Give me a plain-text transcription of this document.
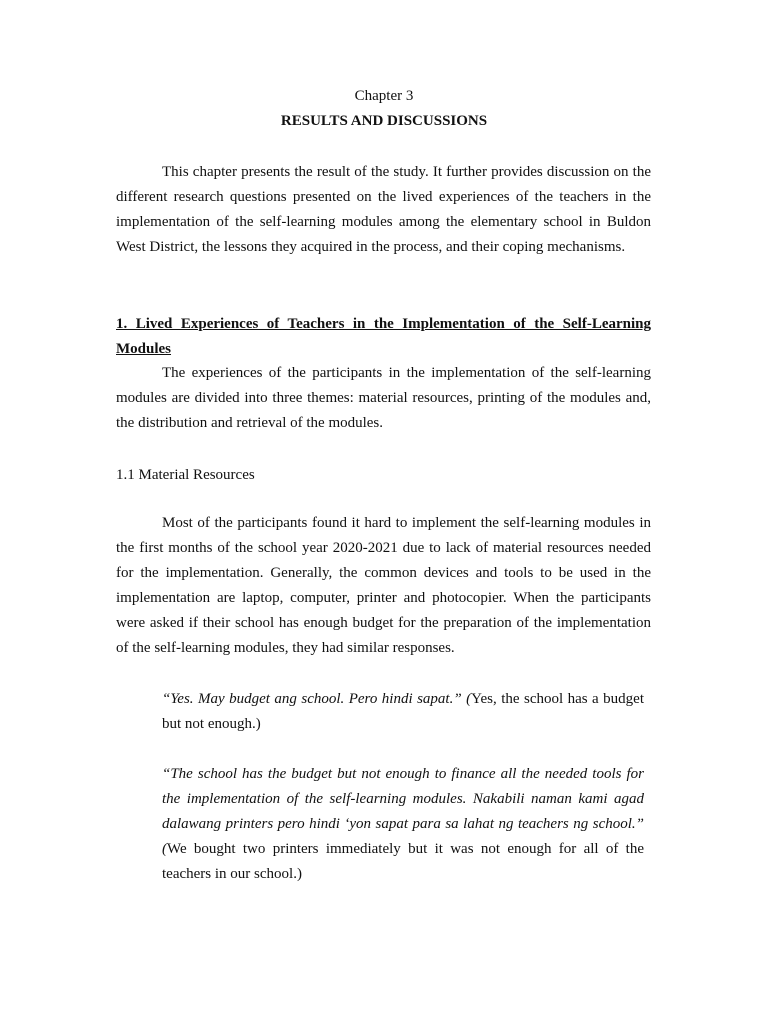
Chapter 3
RESULTS AND DISCUSSIONS

This chapter presents the result of the study. It further provides discussion on the different research questions presented on the lived experiences of the teachers in the implementation of the self-learning modules among the elementary school in Buldon West District, the lessons they acquired in the process, and their coping mechanisms.

1. Lived Experiences of Teachers in the Implementation of the Self-Learning Modules

The experiences of the participants in the implementation of the self-learning modules are divided into three themes: material resources, printing of the modules and, the distribution and retrieval of the modules.

1.1 Material Resources

Most of the participants found it hard to implement the self-learning modules in the first months of the school year 2020-2021 due to lack of material resources needed for the implementation. Generally, the common devices and tools to be used in the implementation are laptop, computer, printer and photocopier. When the participants were asked if their school has enough budget for the preparation of the implementation of the self-learning modules, they had similar responses.

“Yes. May budget ang school. Pero hindi sapat.” (Yes, the school has a budget but not enough.)

“The school has the budget but not enough to finance all the needed tools for the implementation of the self-learning modules. Nakabili naman kami agad dalawang printers pero hindi ‘yon sapat para sa lahat ng teachers ng school.” (We bought two printers immediately but it was not enough for all of the teachers in our school.)
